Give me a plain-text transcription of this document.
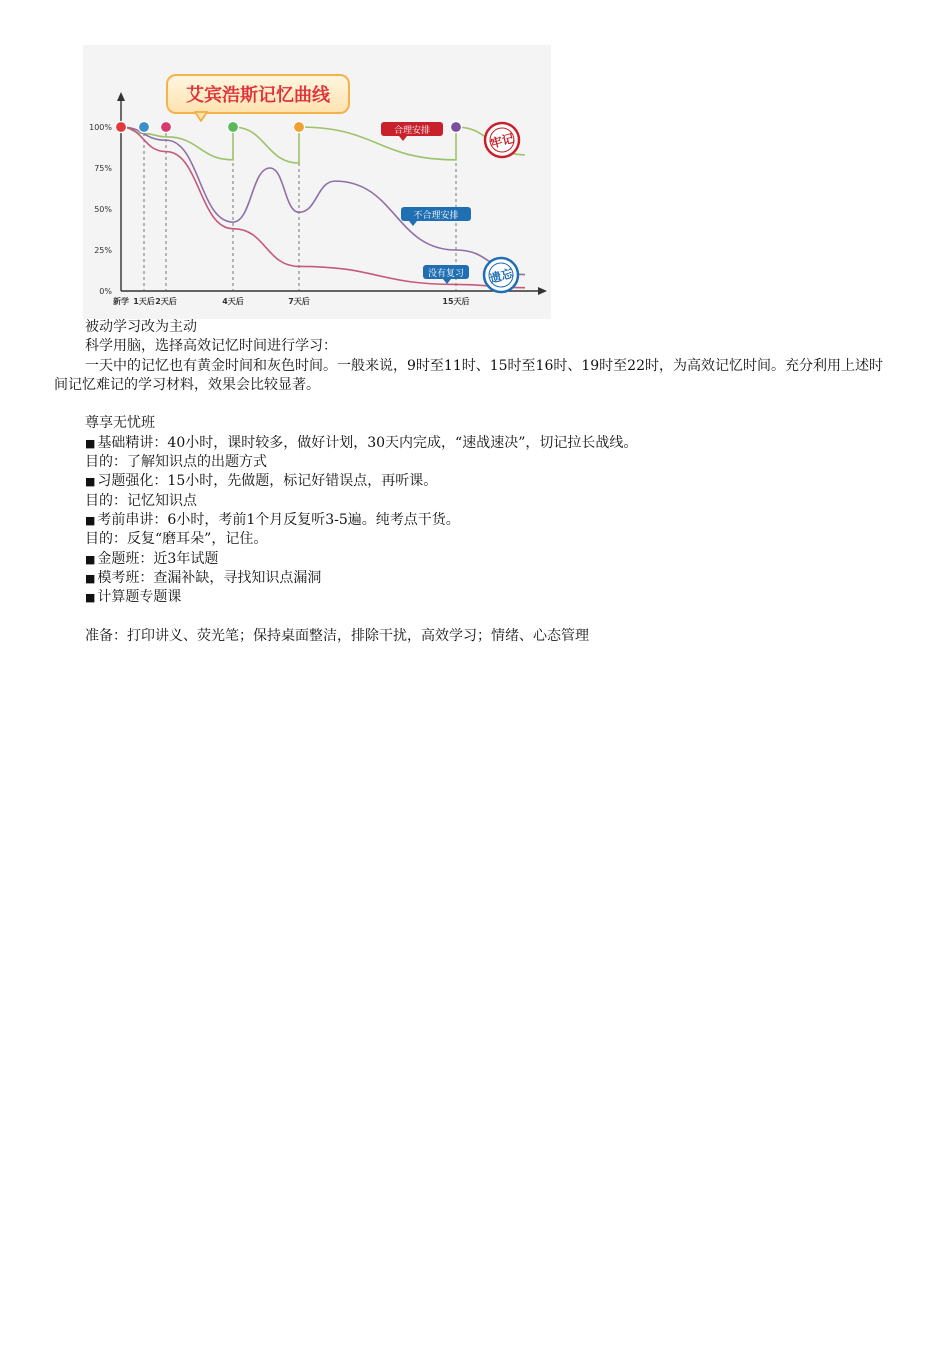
艾宾浩斯记忆曲线
100%
75%
50%
25%
0%
新学 1天后 2天后	4天后	7天后	15天后
合理安排
不合理安排
没有复习
牢记
遗忘

被动学习改为主动

科学用脑，选择高效记忆时间进行学习：

一天中的记忆也有黄金时间和灰色时间。一般来说，9时至11时、15时至16时、19时至22时，为高效记忆时间。充分利用上述时间记忆难记的学习材料，效果会比较显著。

尊享无忧班

■ 基础精讲：40小时，课时较多，做好计划，30天内完成，“速战速决”，切记拉长战线。

目的：了解知识点的出题方式

■ 习题强化：15小时，先做题，标记好错误点，再听课。

目的：记忆知识点

■ 考前串讲：6小时，考前1个月反复听3-5遍。纯考点干货。

目的：反复“磨耳朵”，记住。

■ 金题班：近3年试题

■ 模考班：查漏补缺，寻找知识点漏洞

■ 计算题专题课

准备：打印讲义、荧光笔；保持桌面整洁，排除干扰，高效学习；情绪、心态管理
